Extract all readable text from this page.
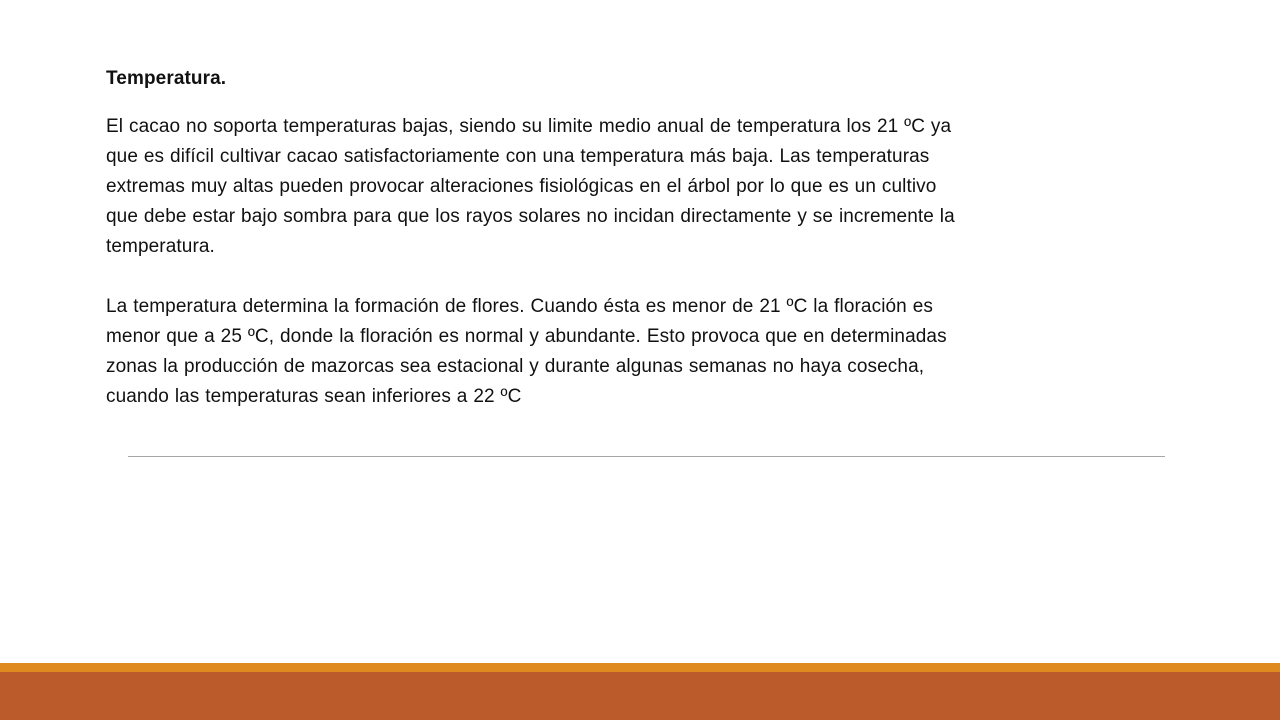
Temperatura.

El cacao no soporta temperaturas bajas, siendo su limite medio anual de temperatura los 21 ºC ya que es difícil cultivar cacao satisfactoriamente con una temperatura más baja. Las temperaturas extremas muy altas pueden provocar alteraciones fisiológicas en el árbol por lo que es un cultivo que debe estar bajo sombra para que los rayos solares no incidan directamente y se incremente la temperatura.

La temperatura determina la formación de flores. Cuando ésta es menor de 21 ºC la floración es menor que a 25 ºC, donde la floración es normal y abundante. Esto provoca que en determinadas zonas la producción de mazorcas sea estacional y durante algunas semanas no haya cosecha, cuando las temperaturas sean inferiores a 22 ºC
